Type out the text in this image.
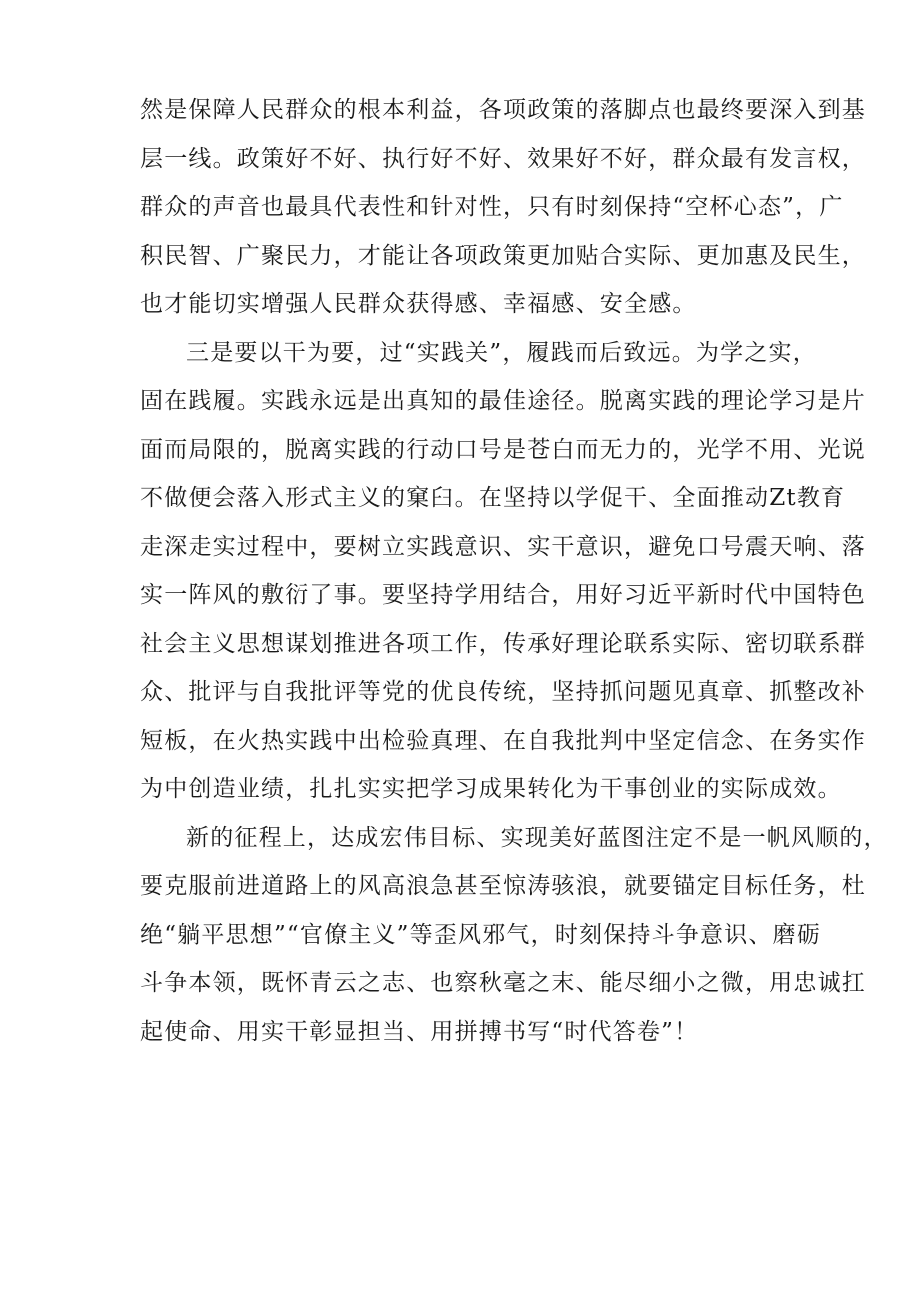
然是保障人民群众的根本利益，各项政策的落脚点也最终要深入到基
层一线。政策好不好、执行好不好、效果好不好，群众最有发言权，
群众的声音也最具代表性和针对性，只有时刻保持“空杯心态”，广
积民智、广聚民力，才能让各项政策更加贴合实际、更加惠及民生，
也才能切实增强人民群众获得感、幸福感、安全感。
三是要以干为要，过“实践关”，履践而后致远。为学之实，
固在践履。实践永远是出真知的最佳途径。脱离实践的理论学习是片
面而局限的，脱离实践的行动口号是苍白而无力的，光学不用、光说
不做便会落入形式主义的窠臼。在坚持以学促干、全面推动Zt教育
走深走实过程中，要树立实践意识、实干意识，避免口号震天响、落
实一阵风的敷衍了事。要坚持学用结合，用好习近平新时代中国特色
社会主义思想谋划推进各项工作，传承好理论联系实际、密切联系群
众、批评与自我批评等党的优良传统，坚持抓问题见真章、抓整改补
短板，在火热实践中出检验真理、在自我批判中坚定信念、在务实作
为中创造业绩，扎扎实实把学习成果转化为干事创业的实际成效。
新的征程上，达成宏伟目标、实现美好蓝图注定不是一帆风顺的，
要克服前进道路上的风高浪急甚至惊涛骇浪，就要锚定目标任务，杜
绝“躺平思想”“官僚主义”等歪风邪气，时刻保持斗争意识、磨砺
斗争本领，既怀青云之志、也察秋毫之末、能尽细小之微，用忠诚扛
起使命、用实干彰显担当、用拼搏书写“时代答卷”！
